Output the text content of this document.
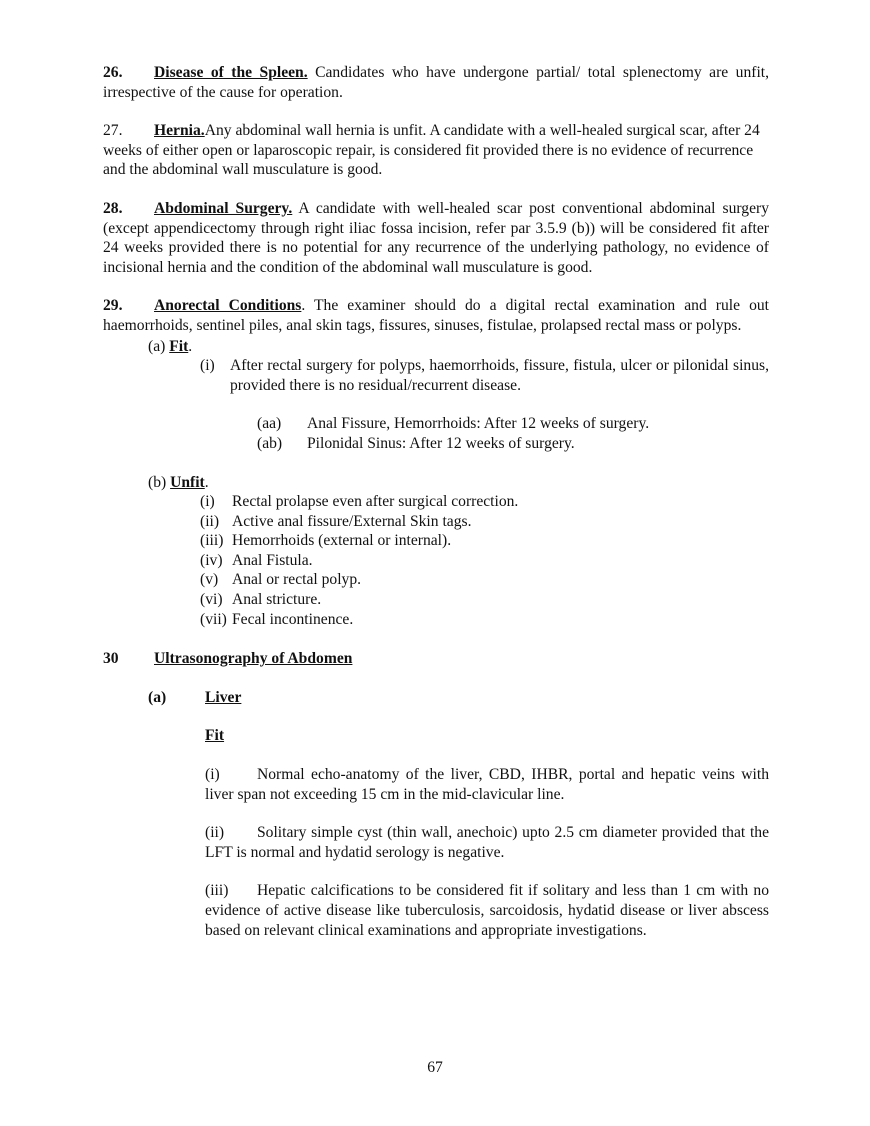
26. Disease of the Spleen. Candidates who have undergone partial/ total splenectomy are unfit, irrespective of the cause for operation.

27. Hernia.Any abdominal wall hernia is unfit. A candidate with a well-healed surgical scar, after 24 weeks of either open or laparoscopic repair, is considered fit provided there is no evidence of recurrence and the abdominal wall musculature is good.

28. Abdominal Surgery. A candidate with well-healed scar post conventional abdominal surgery (except appendicectomy through right iliac fossa incision, refer par 3.5.9 (b)) will be considered fit after 24 weeks provided there is no potential for any recurrence of the underlying pathology, no evidence of incisional hernia and the condition of the abdominal wall musculature is good.

29. Anorectal Conditions. The examiner should do a digital rectal examination and rule out haemorrhoids, sentinel piles, anal skin tags, fissures, sinuses, fistulae, prolapsed rectal mass or polyps.

(a) Fit.

(i) After rectal surgery for polyps, haemorrhoids, fissure, fistula, ulcer or pilonidal sinus, provided there is no residual/recurrent disease.
(aa)	Anal Fissure, Hemorrhoids: After 12 weeks of surgery.
(ab)	Pilonidal Sinus: After 12 weeks of surgery.

(b) Unfit.

(i)	Rectal prolapse even after surgical correction.
(ii) Active anal fissure/External Skin tags.
(iii) Hemorrhoids (external or internal).
(iv) Anal Fistula.
(v) Anal or rectal polyp.
(vi) Anal stricture.
(vii) Fecal incontinence.

30 Ultrasonography of Abdomen

(a) Liver

Fit

(i) Normal echo-anatomy of the liver, CBD, IHBR, portal and hepatic veins with liver span not exceeding 15 cm in the mid-clavicular line.

(ii) Solitary simple cyst (thin wall, anechoic) upto 2.5 cm diameter provided that the LFT is normal and hydatid serology is negative.

(iii) Hepatic calcifications to be considered fit if solitary and less than 1 cm with no evidence of active disease like tuberculosis, sarcoidosis, hydatid disease or liver abscess based on relevant clinical examinations and appropriate investigations.

67
